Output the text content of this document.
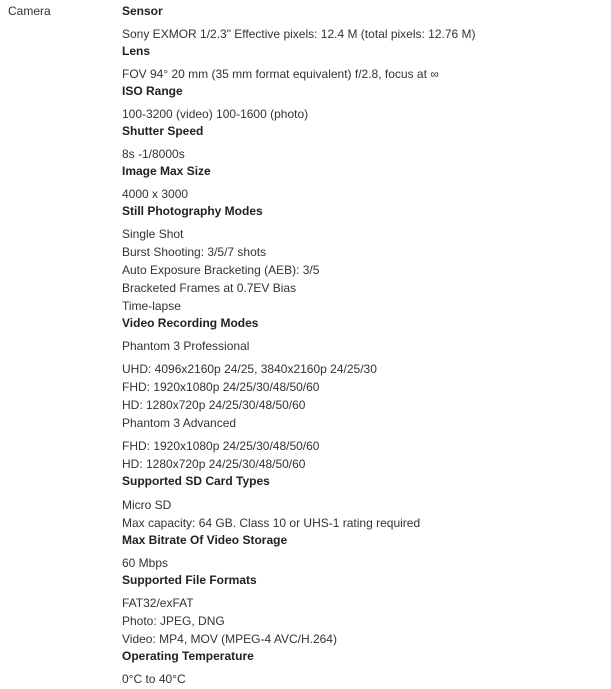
Camera	Sensor
Sony EXMOR 1/2.3" Effective pixels: 12.4 M (total pixels: 12.76 M)
Lens
FOV 94° 20 mm (35 mm format equivalent) f/2.8, focus at ∞
ISO Range
100-3200 (video) 100-1600 (photo)
Shutter Speed
8s -1/8000s
Image Max Size
4000 x 3000
Still Photography Modes
Single Shot
Burst Shooting: 3/5/7 shots
Auto Exposure Bracketing (AEB): 3/5
Bracketed Frames at 0.7EV Bias
Time-lapse
Video Recording Modes
Phantom 3 Professional
UHD: 4096x2160p 24/25, 3840x2160p 24/25/30
FHD: 1920x1080p 24/25/30/48/50/60
HD: 1280x720p 24/25/30/48/50/60
Phantom 3 Advanced
FHD: 1920x1080p 24/25/30/48/50/60
HD: 1280x720p 24/25/30/48/50/60
Supported SD Card Types
Micro SD
Max capacity: 64 GB. Class 10 or UHS-1 rating required
Max Bitrate Of Video Storage
60 Mbps
Supported File Formats
FAT32/exFAT
Photo: JPEG, DNG
Video: MP4, MOV (MPEG-4 AVC/H.264)
Operating Temperature
0°C to 40°C
